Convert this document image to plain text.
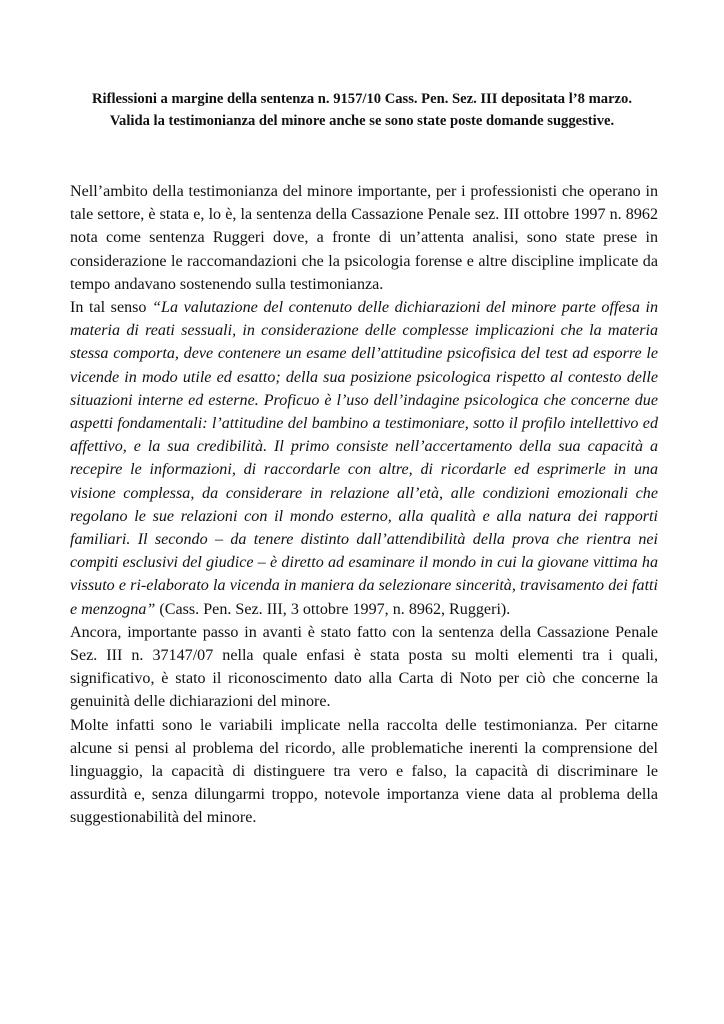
Riflessioni a margine della sentenza n. 9157/10 Cass. Pen. Sez. III depositata l’8 marzo.
Valida la testimonianza del minore anche se sono state poste domande suggestive.

Nell’ambito della testimonianza del minore importante, per i professionisti che operano in tale settore, è stata e, lo è, la sentenza della Cassazione Penale sez. III ottobre 1997 n. 8962 nota come sentenza Ruggeri dove, a fronte di un’attenta analisi, sono state prese in considerazione le raccomandazioni che la psicologia forense e altre discipline implicate da tempo andavano sostenendo sulla testimonianza.

In tal senso “La valutazione del contenuto delle dichiarazioni del minore parte offesa in materia di reati sessuali, in considerazione delle complesse implicazioni che la materia stessa comporta, deve contenere un esame dell’attitudine psicofisica del test ad esporre le vicende in modo utile ed esatto; della sua posizione psicologica rispetto al contesto delle situazioni interne ed esterne. Proficuo è l’uso dell’indagine psicologica che concerne due aspetti fondamentali: l’attitudine del bambino a testimoniare, sotto il profilo intellettivo ed affettivo, e la sua credibilità. Il primo consiste nell’accertamento della sua capacità a recepire le informazioni, di raccordarle con altre, di ricordarle ed esprimerle in una visione complessa, da considerare in relazione all’età, alle condizioni emozionali che regolano le sue relazioni con il mondo esterno, alla qualità e alla natura dei rapporti familiari. Il secondo – da tenere distinto dall’attendibilità della prova che rientra nei compiti esclusivi del giudice – è diretto ad esaminare il mondo in cui la giovane vittima ha vissuto e ri-elaborato la vicenda in maniera da selezionare sincerità, travisamento dei fatti e menzogna” (Cass. Pen. Sez. III, 3 ottobre 1997, n. 8962, Ruggeri).

Ancora, importante passo in avanti è stato fatto con la sentenza della Cassazione Penale Sez. III n. 37147/07 nella quale enfasi è stata posta su molti elementi tra i quali, significativo, è stato il riconoscimento dato alla Carta di Noto per ciò che concerne la genuinità delle dichiarazioni del minore.

Molte infatti sono le variabili implicate nella raccolta delle testimonianza. Per citarne alcune si pensi al problema del ricordo, alle problematiche inerenti la comprensione del linguaggio, la capacità di distinguere tra vero e falso, la capacità di discriminare le assurdità e, senza dilungarmi troppo, notevole importanza viene data al problema della suggestionabilità del minore.
